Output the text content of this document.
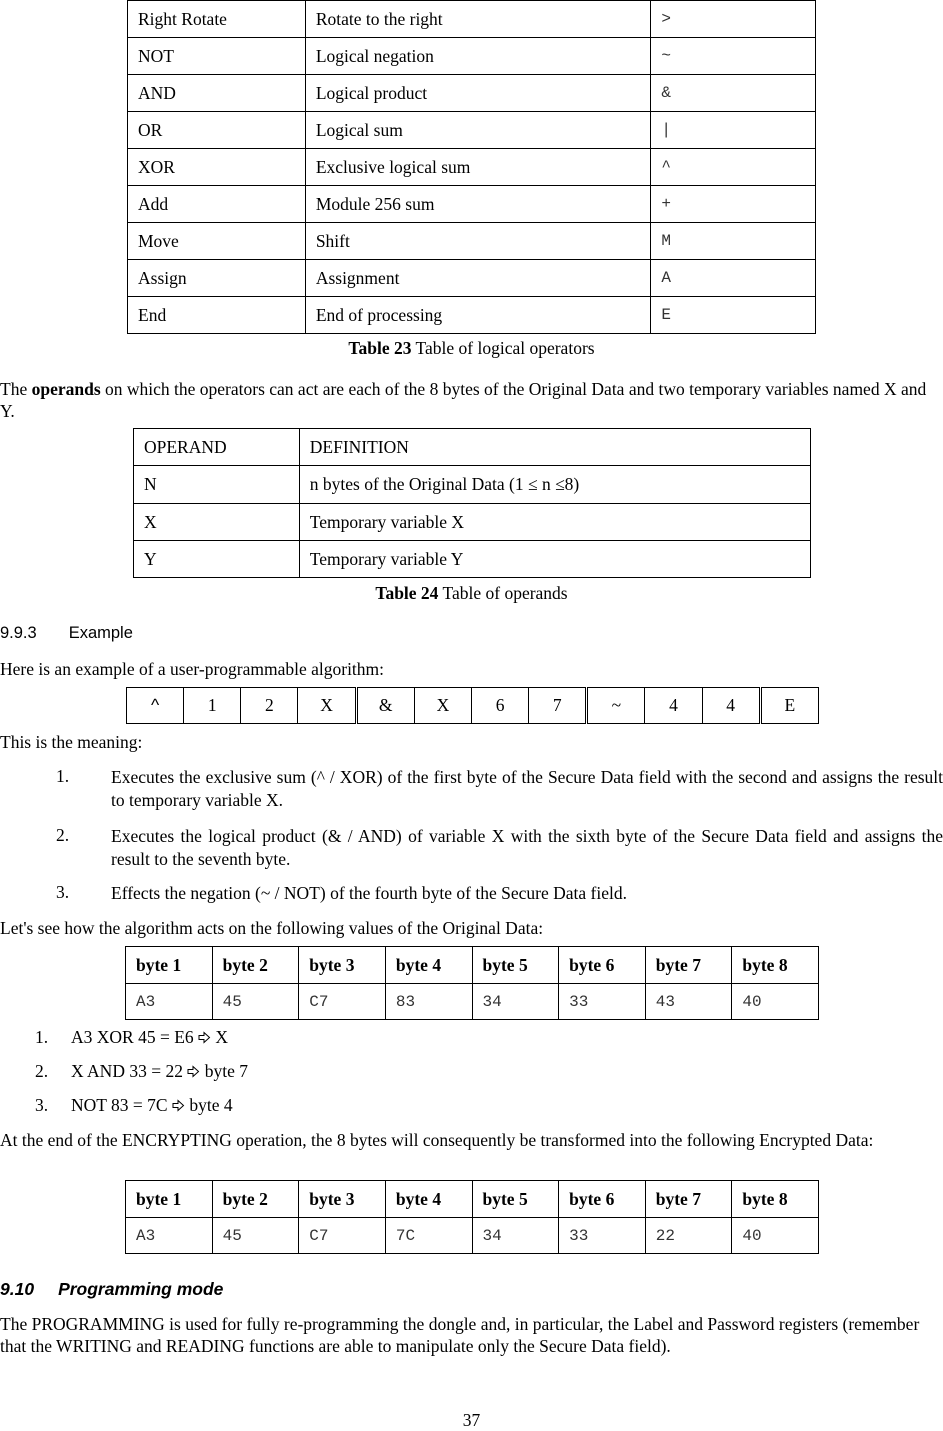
Right Rotate	Rotate to the right	>
NOT	Logical negation	~
AND	Logical product	&
OR	Logical sum	|
XOR	Exclusive logical sum	^
Add	Module 256 sum	+
Move	Shift	M
Assign	Assignment	A
End	End of processing	E
Table 23 Table of logical operators
The operands on which the operators can act are each of the 8 bytes of the Original Data and two temporary variables named X and Y.
OPERAND	DEFINITION
N	n bytes of the Original Data (1 ≤ n ≤8)
X	Temporary variable X
Y	Temporary variable Y
Table 24 Table of operands
9.9.3 Example
Here is an example of a user-programmable algorithm:
^	1	2	X	&	X	6	7	~	4	4	E
This is the meaning:
1.	Executes the exclusive sum (^ / XOR) of the first byte of the Secure Data field with the second and assigns the result to temporary variable X.
2.	Executes the logical product (& / AND) of variable X with the sixth byte of the Secure Data field and assigns the result to the seventh byte.
3.	Effects the negation (~ / NOT) of the fourth byte of the Secure Data field.
Let's see how the algorithm acts on the following values of the Original Data:
byte 1	byte 2	byte 3	byte 4	byte 5	byte 6	byte 7	byte 8
A3	45	C7	83	34	33	43	40
1. A3 XOR 45 = E6 X
2. X AND 33 = 22 byte 7
3. NOT 83 = 7C byte 4
At the end of the ENCRYPTING operation, the 8 bytes will consequently be transformed into the following Encrypted Data:
byte 1	byte 2	byte 3	byte 4	byte 5	byte 6	byte 7	byte 8
A3	45	C7	7C	34	33	22	40
9.10 Programming mode
The PROGRAMMING is used for fully re-programming the dongle and, in particular, the Label and Password registers (remember that the WRITING and READING functions are able to manipulate only the Secure Data field).
37
